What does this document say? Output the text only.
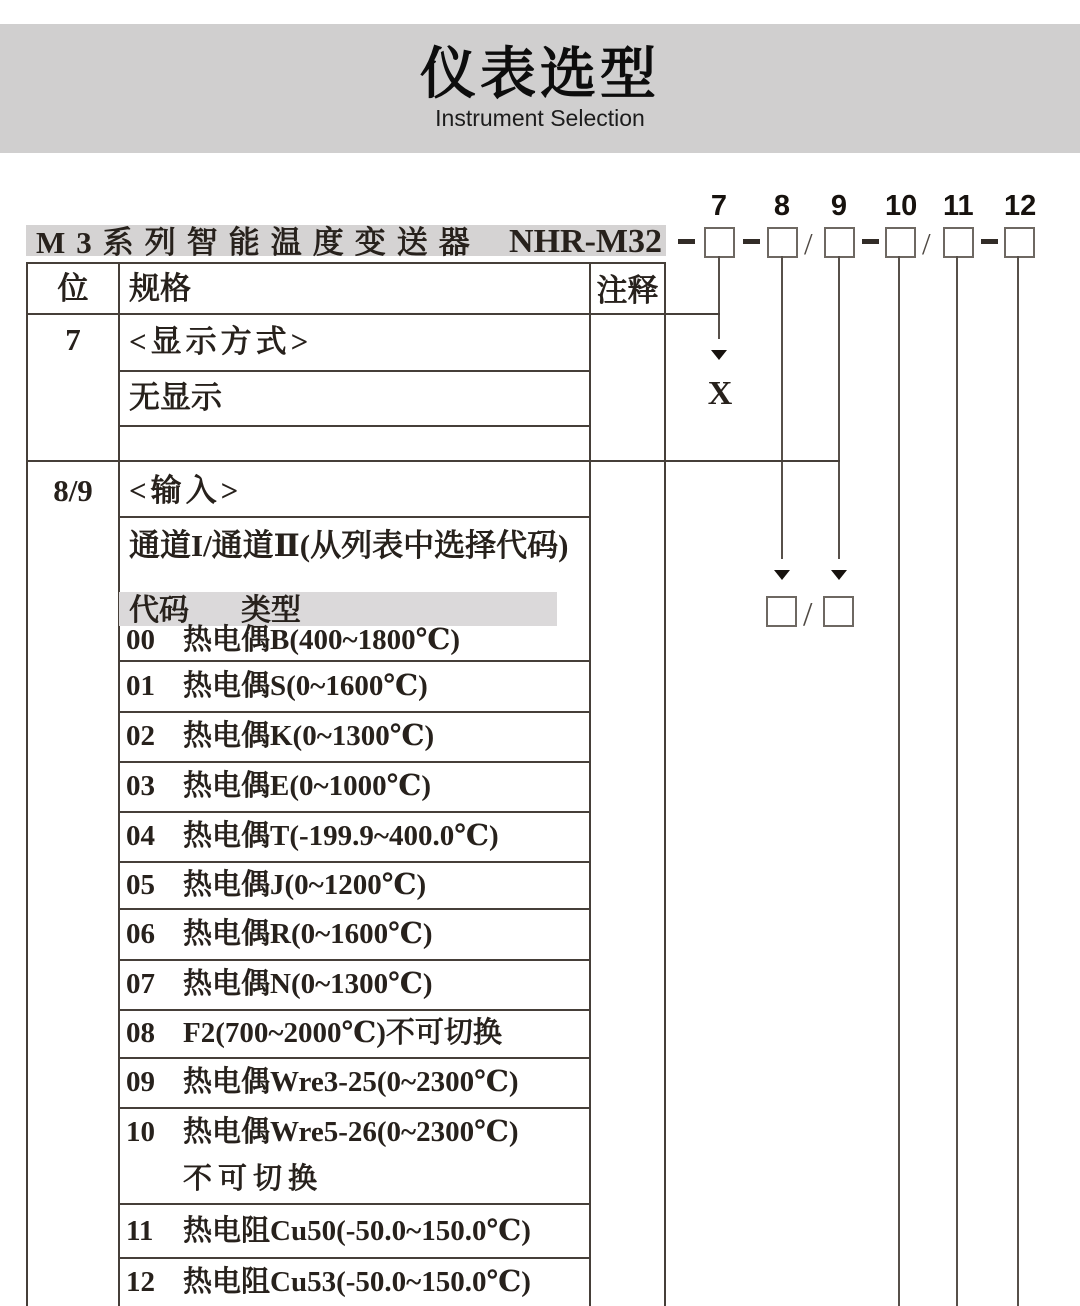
仪表选型
Instrument Selection
M3系列智能温度变送器 NHR-M32
7 8 9 10 11 12
/	/
X
/
位	规格	注释
7	<显示方式>
无显示
8/9	<输入>
通道I/通道Ⅱ(从列表中选择代码)
代码 类型
00 热电偶B(400~1800℃)
01 热电偶S(0~1600℃)
02 热电偶K(0~1300℃)
03 热电偶E(0~1000℃)
04 热电偶T(-199.9~400.0℃)
05 热电偶J(0~1200℃)
06 热电偶R(0~1600℃)
07 热电偶N(0~1300℃)
08 F2(700~2000℃)不可切换
09 热电偶Wre3-25(0~2300℃)
10 热电偶Wre5-26(0~2300℃)
不可切换
11 热电阻Cu50(-50.0~150.0℃)
12 热电阻Cu53(-50.0~150.0℃)
